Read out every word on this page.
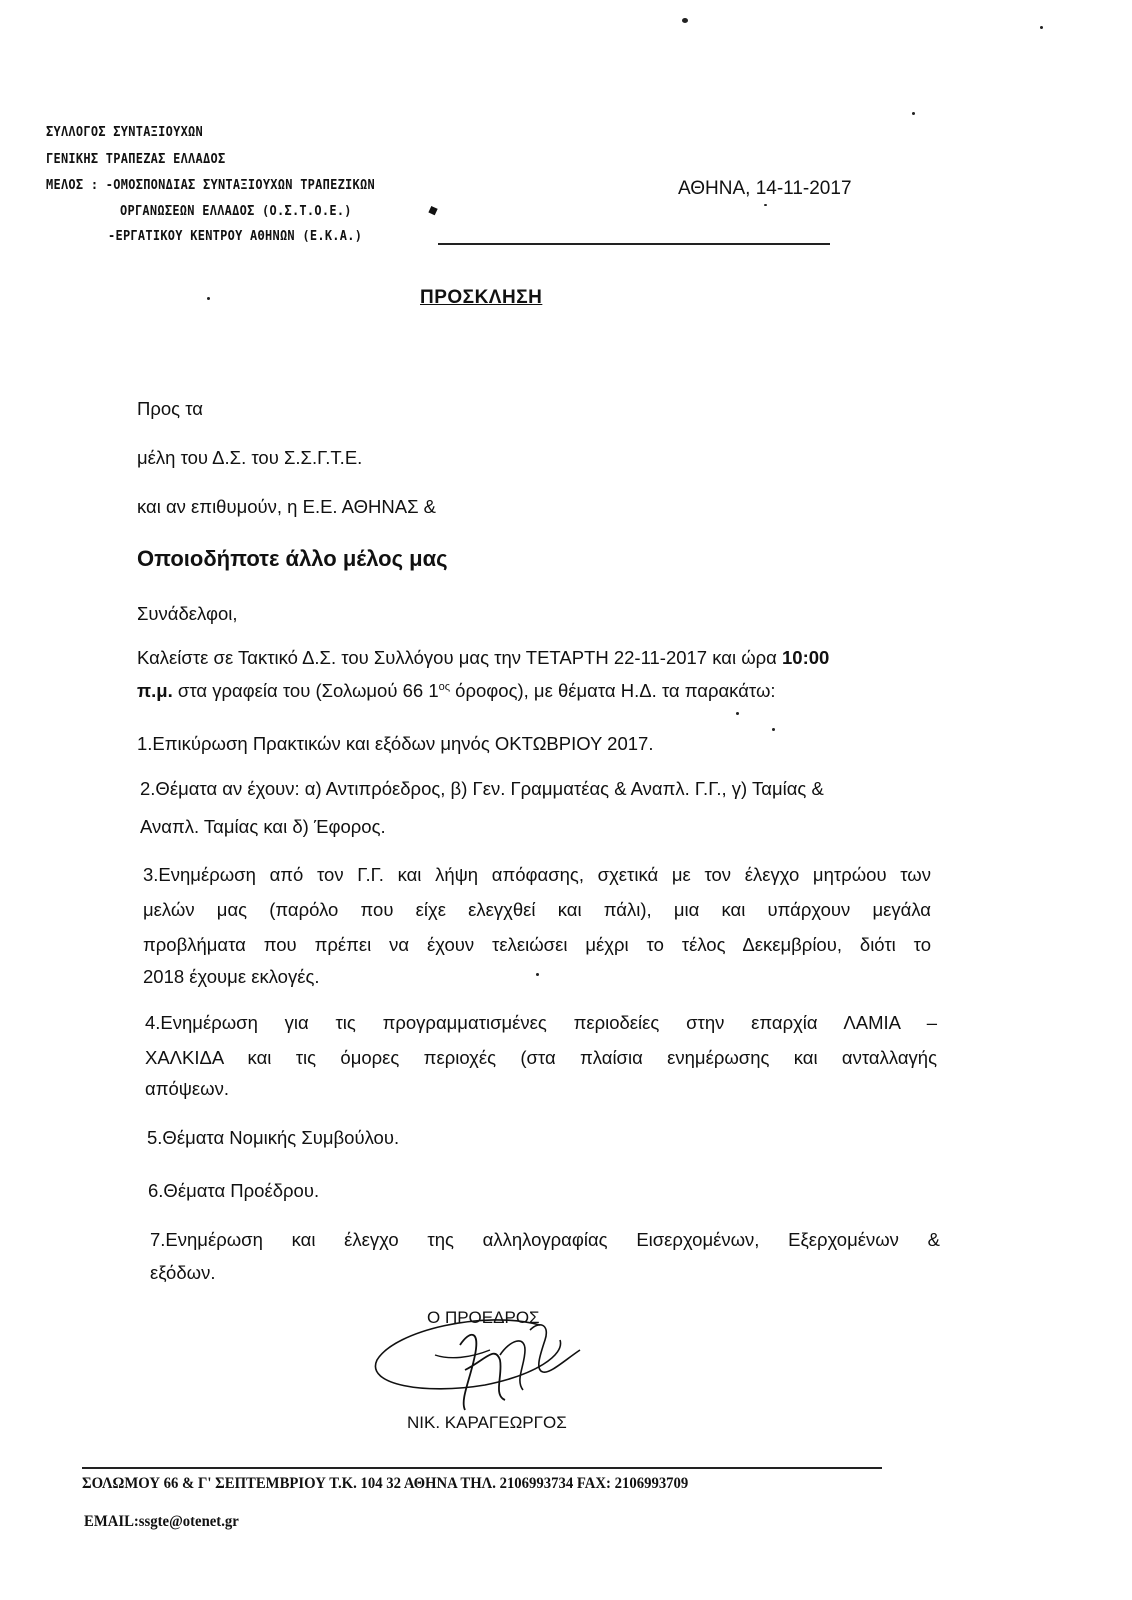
ΣΥΛΛΟΓΟΣ ΣΥΝΤΑΞΙΟΥΧΩΝ
ΓΕΝΙΚΗΣ ΤΡΑΠΕΖΑΣ ΕΛΛΑΔΟΣ
ΜΕΛΟΣ : -ΟΜΟΣΠΟΝΔΙΑΣ ΣΥΝΤΑΞΙΟΥΧΩΝ ΤΡΑΠΕΖΙΚΩΝ
ΟΡΓΑΝΩΣΕΩΝ ΕΛΛΑΔΟΣ (Ο.Σ.Τ.Ο.Ε.)	◆
-ΕΡΓΑΤΙΚΟΥ ΚΕΝΤΡΟΥ ΑΘΗΝΩΝ (Ε.Κ.Α.)
ΑΘΗΝΑ, 14-11-2017
ΠΡΟΣΚΛΗΣΗ
Προς τα
μέλη του Δ.Σ. του Σ.Σ.Γ.Τ.Ε.
και αν επιθυμούν, η Ε.Ε. ΑΘΗΝΑΣ &
Οποιοδήποτε άλλο μέλος μας
Συνάδελφοι,
Καλείστε σε Τακτικό Δ.Σ. του Συλλόγου μας την ΤΕΤΑΡΤΗ 22-11-2017 και ώρα 10:00
π.μ. στα γραφεία του (Σολωμού 66 $1^{o\varsigma}$ όροφος), με θέματα Η.Δ. τα παρακάτω:
1.Επικύρωση Πρακτικών και εξόδων μηνός ΟΚΤΩΒΡΙΟΥ 2017.
2.Θέματα αν έχουν: α) Αντιπρόεδρος, β) Γεν. Γραμματέας & Αναπλ. Γ.Γ., γ) Ταμίας &
Αναπλ. Ταμίας και δ) Έφορος.
3.Ενημέρωση από τον Γ.Γ. και λήψη απόφασης, σχετικά με τον έλεγχο μητρώου των
μελών μας (παρόλο που είχε ελεγχθεί και πάλι), μια και υπάρχουν μεγάλα
προβλήματα που πρέπει να έχουν τελειώσει μέχρι το τέλος Δεκεμβρίου, διότι το
2018 έχουμε εκλογές.
4.Ενημέρωση για τις προγραμματισμένες περιοδείες στην επαρχία ΛΑΜΙΑ –
ΧΑΛΚΙΔΑ και τις όμορες περιοχές (στα πλαίσια ενημέρωσης και ανταλλαγής
απόψεων.
5.Θέματα Νομικής Συμβούλου.
6.Θέματα Προέδρου.
7.Ενημέρωση και έλεγχο της αλληλογραφίας Εισερχομένων, Εξερχομένων &
εξόδων.
Ο ΠΡΟΕΔΡΟΣ
ΝΙΚ. ΚΑΡΑΓΕΩΡΓΟΣ
ΣΟΛΩΜΟΥ 66 & Γ' ΣΕΠΤΕΜΒΡΙΟΥ Τ.Κ. 104 32 ΑΘΗΝΑ ΤΗΛ. 2106993734 FAX: 2106993709
EMAIL:ssgte@otenet.gr
